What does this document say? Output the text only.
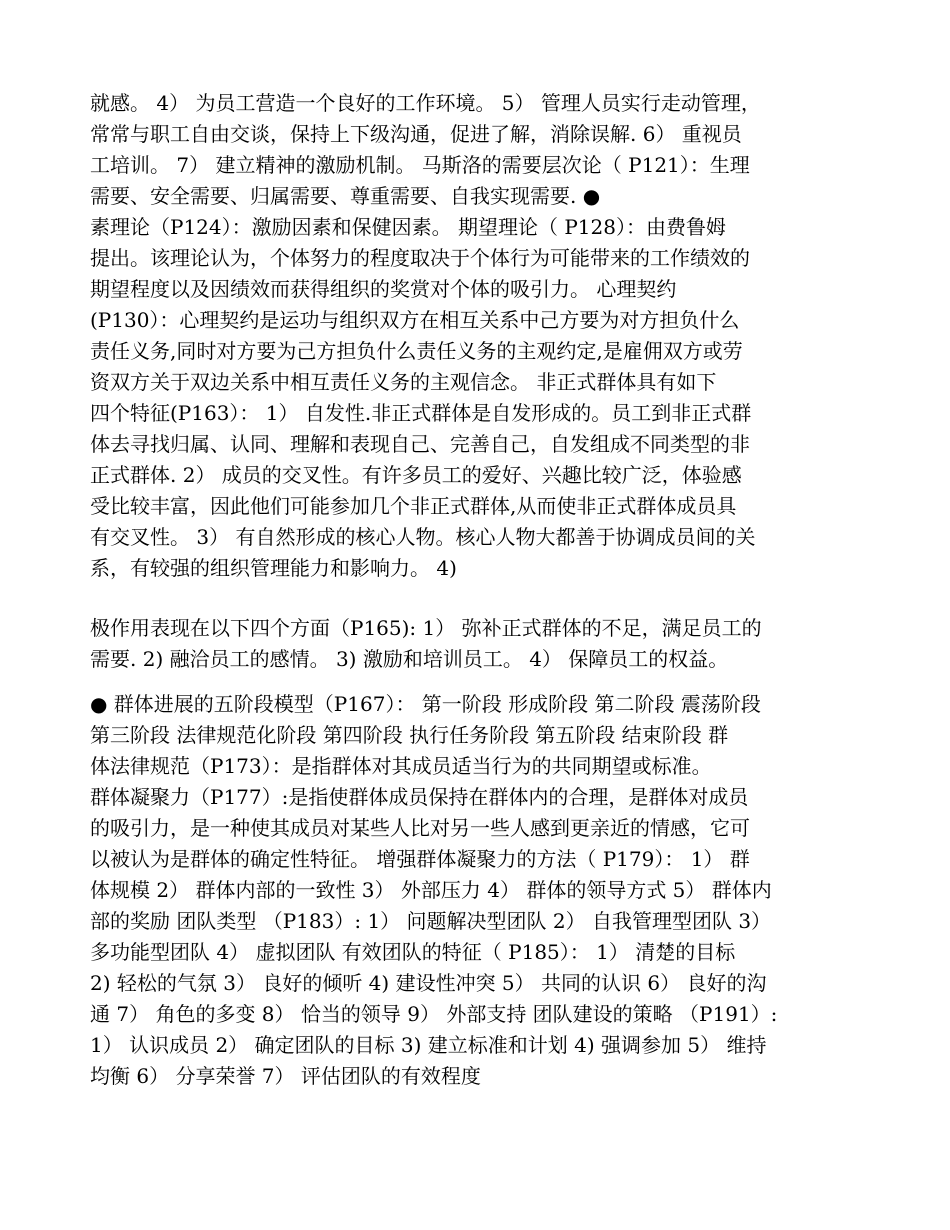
就感。 4） 为员工营造一个良好的工作环境。 5） 管理人员实行走动管理，
常常与职工自由交谈，保持上下级沟通，促进了解，消除误解. 6） 重视员
工培训。 7） 建立精神的激励机制。 马斯洛的需要层次论（ P121）：生理
需要、安全需要、归属需要、尊重需要、自我实现需要. ●
素理论（P124）：激励因素和保健因素。 期望理论（ P128）：由费鲁姆
提出。该理论认为，个体努力的程度取决于个体行为可能带来的工作绩效的
期望程度以及因绩效而获得组织的奖赏对个体的吸引力。 心理契约
(P130）：心理契约是运功与组织双方在相互关系中己方要为对方担负什么
责任义务,同时对方要为己方担负什么责任义务的主观约定,是雇佣双方或劳
资双方关于双边关系中相互责任义务的主观信念。 非正式群体具有如下
四个特征(P163）： 1） 自发性.非正式群体是自发形成的。员工到非正式群
体去寻找归属、认同、理解和表现自己、完善自己，自发组成不同类型的非
正式群体. 2） 成员的交叉性。有许多员工的爱好、兴趣比较广泛，体验感
受比较丰富，因此他们可能参加几个非正式群体,从而使非正式群体成员具
有交叉性。 3） 有自然形成的核心人物。核心人物大都善于协调成员间的关
系，有较强的组织管理能力和影响力。 4)
极作用表现在以下四个方面（P165): 1） 弥补正式群体的不足，满足员工的
需要. 2) 融洽员工的感情。 3) 激励和培训员工。 4） 保障员工的权益。
● 群体进展的五阶段模型（P167）： 第一阶段 形成阶段 第二阶段 震荡阶段
第三阶段 法律规范化阶段 第四阶段 执行任务阶段 第五阶段 结束阶段 群
体法律规范（P173）：是指群体对其成员适当行为的共同期望或标准。
群体凝聚力（P177）:是指使群体成员保持在群体内的合理，是群体对成员
的吸引力，是一种使其成员对某些人比对另一些人感到更亲近的情感，它可
以被认为是群体的确定性特征。 增强群体凝聚力的方法（ P179）： 1） 群
体规模 2） 群体内部的一致性 3） 外部压力 4） 群体的领导方式 5） 群体内
部的奖励 团队类型 （P183）: 1） 问题解决型团队 2） 自我管理型团队 3）
多功能型团队 4） 虚拟团队 有效团队的特征（ P185）： 1） 清楚的目标
2) 轻松的气氛 3） 良好的倾听 4) 建设性冲突 5） 共同的认识 6） 良好的沟
通 7） 角色的多变 8） 恰当的领导 9） 外部支持 团队建设的策略 （P191）:
1） 认识成员 2） 确定团队的目标 3) 建立标准和计划 4) 强调参加 5） 维持
均衡 6） 分享荣誉 7） 评估团队的有效程度
